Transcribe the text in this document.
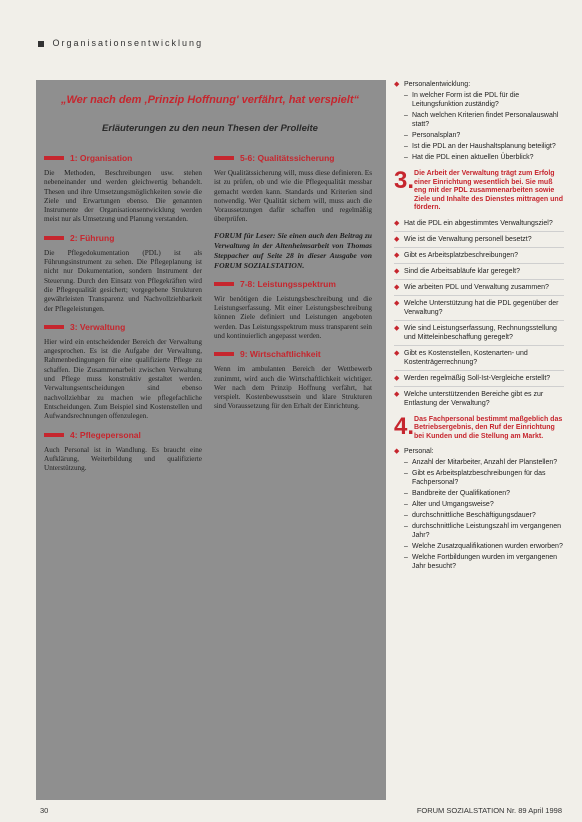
Organisationsentwicklung
„Wer nach dem ‚Prinzip Hoffnung' verfährt, hat verspielt“
Erläuterungen zu den neun Thesen der Prolleite
1: Organisation
Die Methoden, Beschreibungen usw. stehen nebeneinander und werden gleichwertig behandelt. Thesen und ihre Umsetzungsmöglichkeiten sowie die Ziele und Erwartungen ebenso. Die genannten Instrumente der Organisationsentwicklung werden meist nur als Umsetzung und Planung verstanden.
2: Führung
Die Pflegedokumentation (PDL) ist als Führungsinstrument zu sehen. Die Pflegeplanung ist nicht nur Dokumentation, sondern Instrument der Steuerung. Durch den Einsatz von Pflegekräften wird die Pflegequalität gesichert; vorgegebene Strukturen gewährleisten Transparenz und Nachvollziehbarkeit der Pflegeleistungen.
3: Verwaltung
Hier wird ein entscheidender Bereich der Verwaltung angesprochen. Es ist die Aufgabe der Verwaltung, Rahmenbedingungen für eine qualifizierte Pflege zu schaffen. Die Zusammenarbeit zwischen Verwaltung und Pflege muss konstruktiv gestaltet werden. Verwaltungsentscheidungen sind ebenso nachvollziehbar zu machen wie pflegefachliche Entscheidungen. Zum Beispiel sind Kostenstellen und Aufwandsrechnungen offenzulegen.
4: Pflegepersonal
Auch Personal ist in Wandlung. Es braucht eine Aufklärung, Weiterbildung und qualifizierte Unterstützung.
5-6: Qualitätssicherung
Wer Qualitätssicherung will, muss diese definieren. Es ist zu prüfen, ob und wie die Pflegequalität messbar gemacht werden kann. Standards und Kriterien sind notwendig. Wer Qualität sichern will, muss auch die Voraussetzungen dafür schaffen und regelmäßig überprüfen.
FORUM für Leser: Sie einen auch den Beitrag zu Verwaltung in der Altenheimsarbeit von Thomas Steppacher auf Seite 28 in dieser Ausgabe von FORUM SOZIALSTATION.
7-8: Leistungsspektrum
Wir benötigen die Leistungsbeschreibung und die Leistungserfassung. Mit einer Leistungsbeschreibung können Ziele definiert und Leistungen angeboten werden. Das Leistungsspektrum muss transparent sein und kontinuierlich angepasst werden.
9: Wirtschaftlichkeit
Wenn im ambulanten Bereich der Wettbewerb zunimmt, wird auch die Wirtschaftlichkeit wichtiger. Wer nach dem Prinzip Hoffnung verfährt, hat verspielt. Kostenbewusstsein und klare Strukturen sind Voraussetzung für den Erhalt der Einrichtung.
◆ Personalentwicklung:
– In welcher Form ist die PDL für die Leitungsfunktion zuständig?
– Nach welchen Kriterien findet Personalauswahl statt?
– Personalsplan?
– Ist die PDL an der Haushaltsplanung beteiligt?
– Hat die PDL einen aktuellen Überblick?
3. Die Arbeit der Verwaltung trägt zum Erfolg einer Einrichtung wesentlich bei. Sie muß eng mit der PDL zusammenarbeiten sowie Ziele und Inhalte des Dienstes mittragen und fördern.
◆ Hat die PDL ein abgestimmtes Verwaltungsziel?
◆ Wie ist die Verwaltung personell besetzt?
◆ Gibt es Arbeitsplatzbeschreibungen?
◆ Sind die Arbeitsabläufe klar geregelt?
◆ Wie arbeiten PDL und Verwaltung zusammen?
◆ Welche Unterstützung hat die PDL gegenüber der Verwaltung?
◆ Wie sind Leistungserfassung, Rechnungsstellung und Mitteleinbeschaffung geregelt?
◆ Gibt es Kostenstellen, Kostenarten- und Kostenträgerrechnung?
◆ Werden regelmäßig Soll-Ist-Vergleiche erstellt?
◆ Welche unterstützenden Bereiche gibt es zur Entlastung der Verwaltung?
4. Das Fachpersonal bestimmt maßgeblich das Betriebsergebnis, den Ruf der Einrichtung bei Kunden und die Stellung am Markt.
◆ Personal:
– Anzahl der Mitarbeiter, Anzahl der Planstellen?
– Gibt es Arbeitsplatzbeschreibungen für das Fachpersonal?
– Bandbreite der Qualifikationen?
– Alter und Umgangsweise?
– durchschnittliche Beschäftigungsdauer?
– durchschnittliche Leistungszahl im vergangenen Jahr?
– Welche Zusatzqualifikationen wurden erworben?
– Welche Fortbildungen wurden im vergangenen Jahr besucht?
30	FORUM SOZIALSTATION Nr. 89 April 1998
